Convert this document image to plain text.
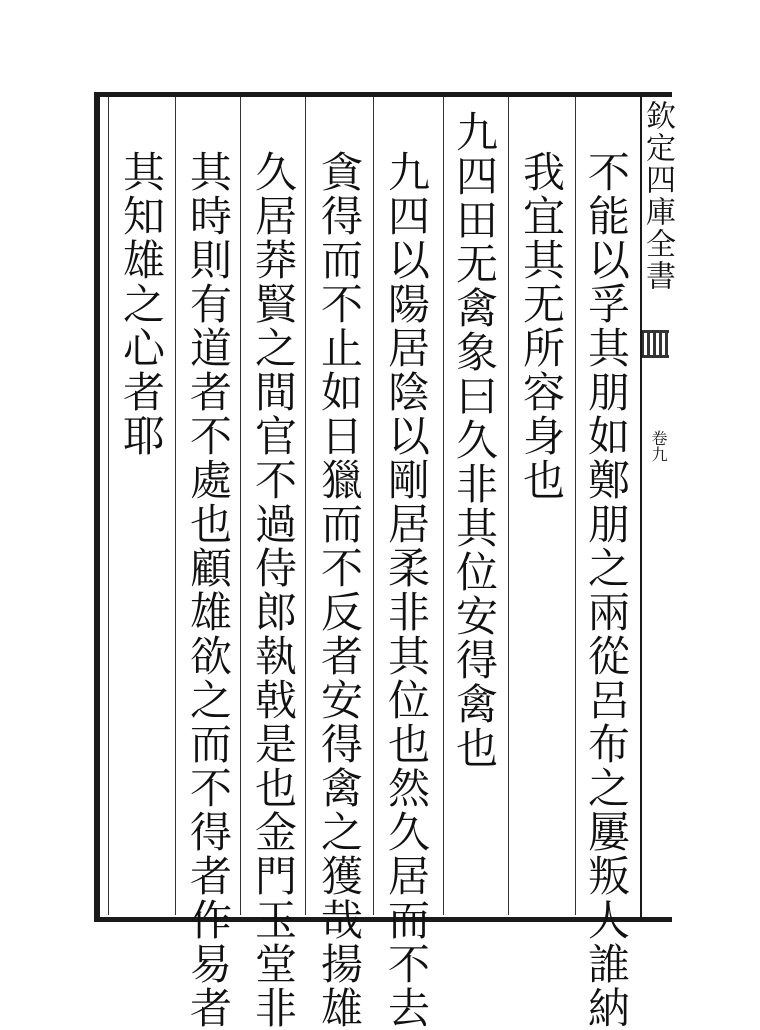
欽定四庫全書
卷九
不能以孚其朋如鄭朋之兩從呂布之屢叛人誰納
我宜其无所容身也
九四田无禽象曰久非其位安得禽也
九四以陽居陰以剛居柔非其位也然久居而不去
貪得而不止如日獵而不反者安得禽之獲哉揚雄
久居莽賢之間官不過侍郎執戟是也金門玉堂非
其時則有道者不處也顧雄欲之而不得者作易者
其知雄之心者耶
